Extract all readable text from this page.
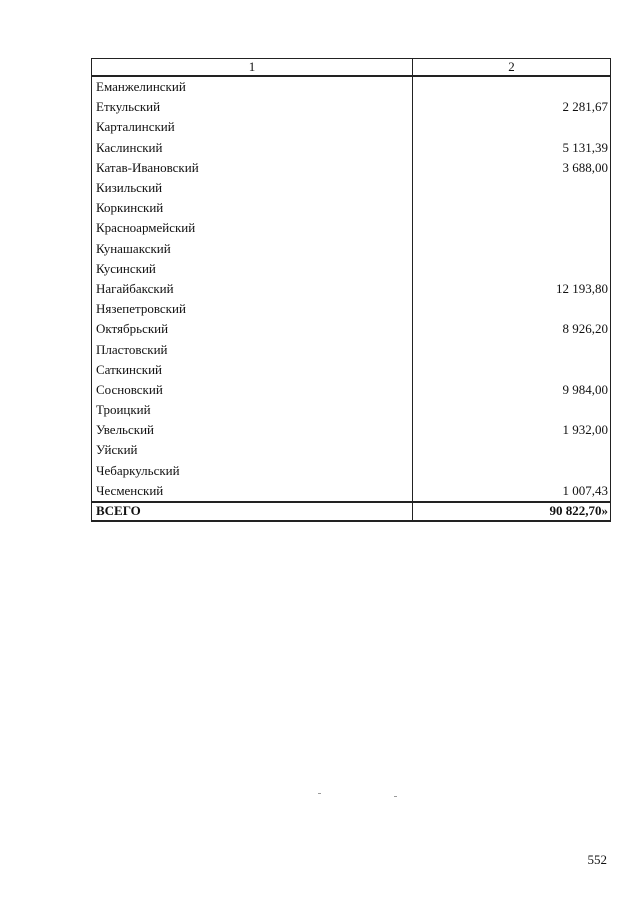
1	2
Еманжелинский	
Еткульский	2 281,67
Карталинский	
Каслинский	5 131,39
Катав-Ивановский	3 688,00
Кизильский	
Коркинский	
Красноармейский	
Кунашакский	
Кусинский	
Нагайбакский	12 193,80
Нязепетровский	
Октябрьский	8 926,20
Пластовский	
Саткинский	
Сосновский	9 984,00
Троицкий	
Увельский	1 932,00
Уйский	
Чебаркульский	
Чесменский	1 007,43
ВСЕГО	90 822,70»
552
